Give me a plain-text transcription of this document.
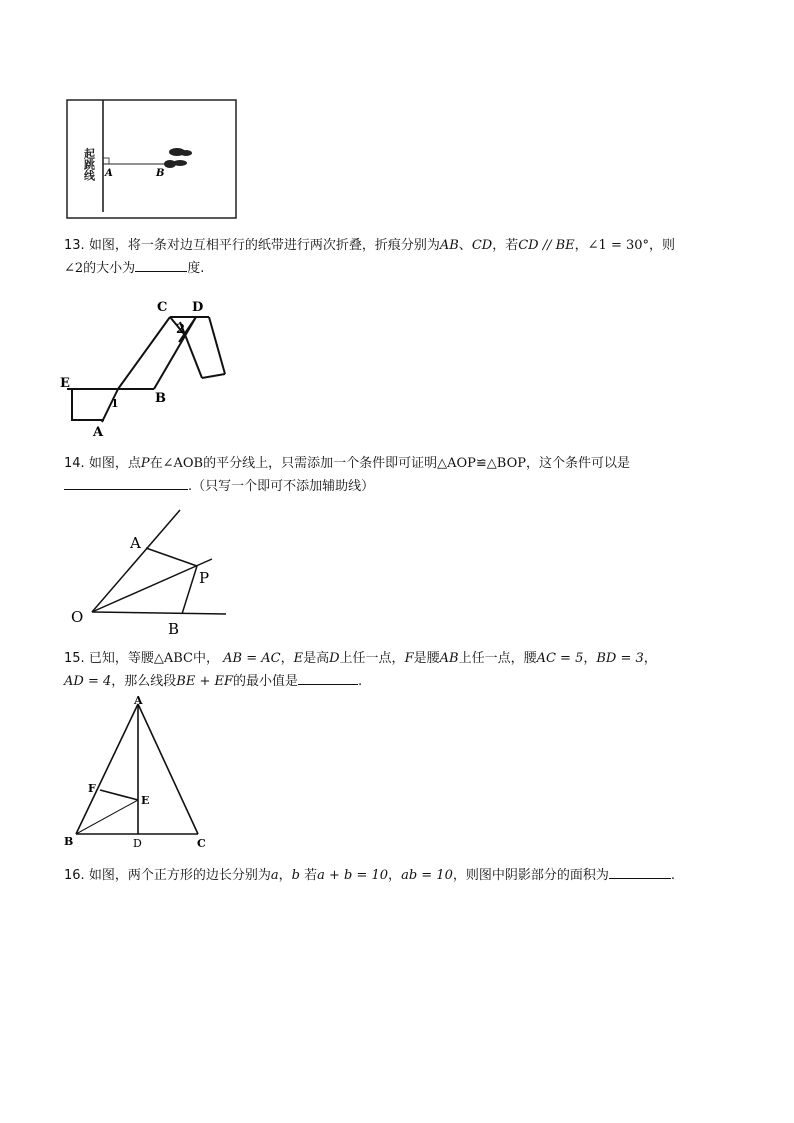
起跳线 A	B

13. 如图，将一条对边互相平行的纸带进行两次折叠，折痕分别为AB、CD，若CD // BE，∠1 = 30°，则
∠2的大小为	度.

E
C D
B
A
1
2

14. 如图，点P在∠AOB的平分线上，只需添加一个条件即可证明△AOP≌△BOP，这个条件可以是
.（只写一个即可不添加辅助线）

A
P
O
B

15. 已知，等腰△ABC中， AB = AC，E是高D上任一点，F是腰AB上任一点，腰AC = 5，BD = 3，
AD = 4，那么线段BE + EF的最小值是	.

A
F
E
B	D	C

16. 如图，两个正方形的边长分别为a，b 若a + b = 10，ab = 10，则图中阴影部分的面积为	.
